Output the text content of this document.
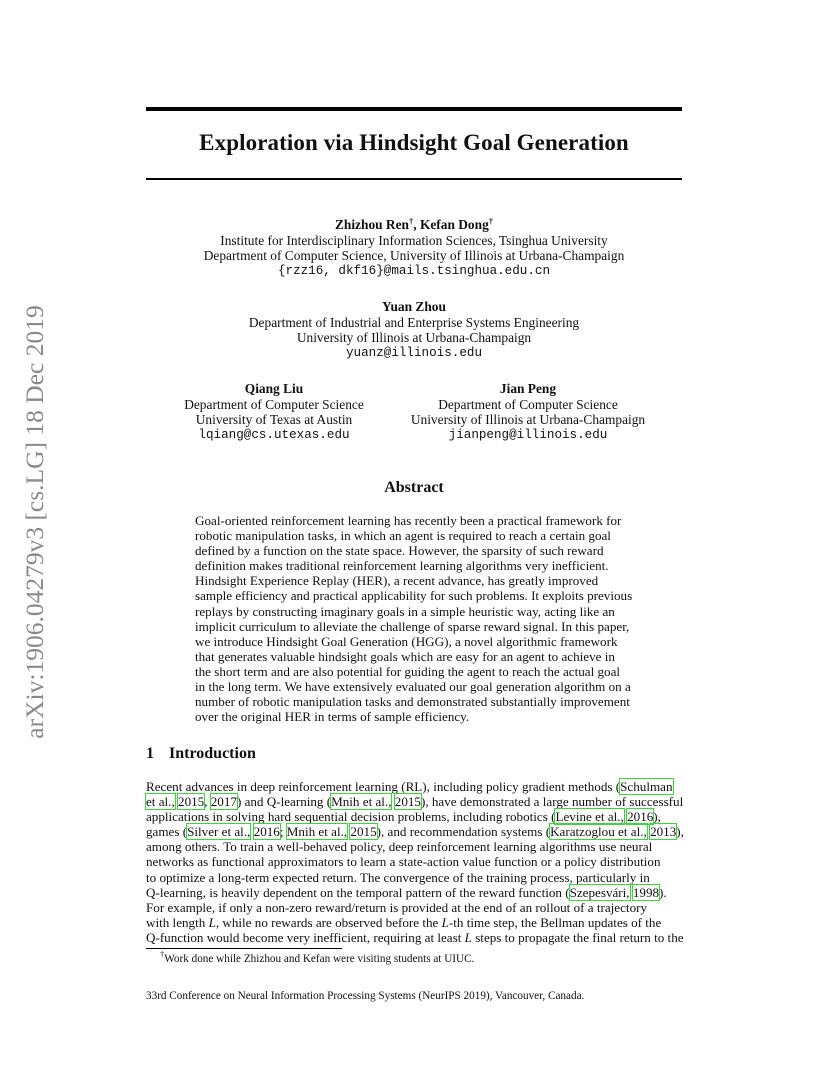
arXiv:1906.04279v3 [cs.LG] 18 Dec 2019
Exploration via Hindsight Goal Generation
Zhizhou Ren†, Kefan Dong†
Institute for Interdisciplinary Information Sciences, Tsinghua University
Department of Computer Science, University of Illinois at Urbana-Champaign
{rzz16, dkf16}@mails.tsinghua.edu.cn
Yuan Zhou
Department of Industrial and Enterprise Systems Engineering
University of Illinois at Urbana-Champaign
yuanz@illinois.edu
Qiang Liu
Department of Computer Science
University of Texas at Austin
lqiang@cs.utexas.edu
Jian Peng
Department of Computer Science
University of Illinois at Urbana-Champaign
jianpeng@illinois.edu
Abstract
Goal-oriented reinforcement learning has recently been a practical framework for
robotic manipulation tasks, in which an agent is required to reach a certain goal
defined by a function on the state space. However, the sparsity of such reward
definition makes traditional reinforcement learning algorithms very inefficient.
Hindsight Experience Replay (HER), a recent advance, has greatly improved
sample efficiency and practical applicability for such problems. It exploits previous
replays by constructing imaginary goals in a simple heuristic way, acting like an
implicit curriculum to alleviate the challenge of sparse reward signal. In this paper,
we introduce Hindsight Goal Generation (HGG), a novel algorithmic framework
that generates valuable hindsight goals which are easy for an agent to achieve in
the short term and are also potential for guiding the agent to reach the actual goal
in the long term. We have extensively evaluated our goal generation algorithm on a
number of robotic manipulation tasks and demonstrated substantially improvement
over the original HER in terms of sample efficiency.
1 Introduction
Recent advances in deep reinforcement learning (RL), including policy gradient methods (Schulman
et al., 2015, 2017) and Q-learning (Mnih et al., 2015), have demonstrated a large number of successful
applications in solving hard sequential decision problems, including robotics (Levine et al., 2016),
games (Silver et al., 2016; Mnih et al., 2015), and recommendation systems (Karatzoglou et al., 2013),
among others. To train a well-behaved policy, deep reinforcement learning algorithms use neural
networks as functional approximators to learn a state-action value function or a policy distribution
to optimize a long-term expected return. The convergence of the training process, particularly in
Q-learning, is heavily dependent on the temporal pattern of the reward function (Szepesvári, 1998).
For example, if only a non-zero reward/return is provided at the end of an rollout of a trajectory
with length L, while no rewards are observed before the L-th time step, the Bellman updates of the
Q-function would become very inefficient, requiring at least L steps to propagate the final return to the
†Work done while Zhizhou and Kefan were visiting students at UIUC.
33rd Conference on Neural Information Processing Systems (NeurIPS 2019), Vancouver, Canada.
